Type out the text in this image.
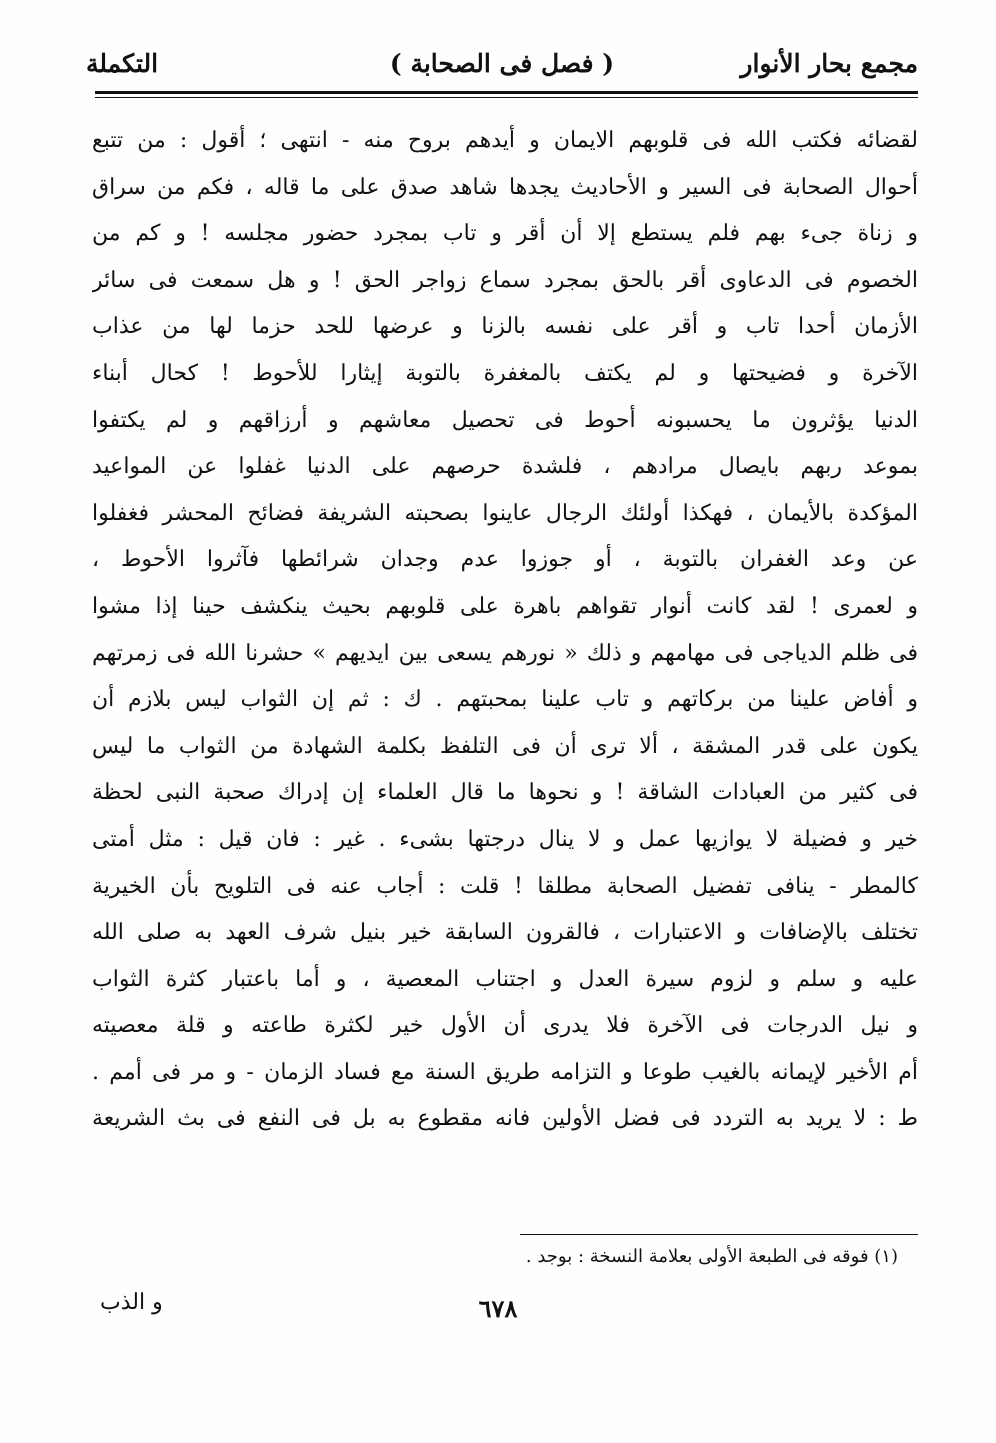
مجمع بحار الأنوار
( فصل فى الصحابة )
التكملة
لقضائه فكتب الله فى قلوبهم الايمان و أيدهم بروح منه - انتهى ؛ أقول : من تتبع
أحوال الصحابة فى السير و الأحاديث يجدها شاهد صدق على ما قاله ، فكم من سراق
و زناة جىء بهم فلم يستطع إلا أن أقر و تاب بمجرد حضور مجلسه ! و كم من
الخصوم فى الدعاوى أقر بالحق بمجرد سماع زواجر الحق ! و هل سمعت فى سائر
الأزمان أحدا تاب و أقر على نفسه بالزنا و عرضها للحد حزما لها من عذاب
الآخرة و فضيحتها و لم يكتف بالمغفرة بالتوبة إيثارا للأحوط ! كحال أبناء
الدنيا يؤثرون ما يحسبونه أحوط فى تحصيل معاشهم و أرزاقهم و لم يكتفوا
بموعد ربهم بايصال مرادهم ، فلشدة حرصهم على الدنيا غفلوا عن المواعيد
المؤكدة بالأيمان ، فهكذا أولئك الرجال عاينوا بصحبته الشريفة فضائح المحشر فغفلوا
عن وعد الغفران بالتوبة ، أو جوزوا عدم وجدان شرائطها فآثروا الأحوط ،
و لعمرى ! لقد كانت أنوار تقواهم باهرة على قلوبهم بحيث ينكشف حينا إذا مشوا
فى ظلم الدياجى فى مهامهم و ذلك « نورهم يسعى بين ايديهم » حشرنا الله فى زمرتهم
و أفاض علينا من بركاتهم و تاب علينا بمحبتهم . ك : ثم إن الثواب ليس بلازم أن
يكون على قدر المشقة ، ألا ترى أن فى التلفظ بكلمة الشهادة من الثواب ما ليس
فى كثير من العبادات الشاقة ! و نحوها ما قال العلماء إن إدراك صحبة النبى لحظة
خير و فضيلة لا يوازيها عمل و لا ينال درجتها بشىء . غير : فان قيل : مثل أمتى
كالمطر - ينافى تفضيل الصحابة مطلقا ! قلت : أجاب عنه فى التلويح بأن الخيرية
تختلف بالإضافات و الاعتبارات ، فالقرون السابقة خير بنيل شرف العهد به صلى الله
عليه و سلم و لزوم سيرة العدل و اجتناب المعصية ، و أما باعتبار كثرة الثواب
و نيل الدرجات فى الآخرة فلا يدرى أن الأول خير لكثرة طاعته و قلة معصيته
أم الأخير لإيمانه بالغيب طوعا و التزامه طريق السنة مع فساد الزمان - و مر فى أمم .
ط : لا يريد به التردد فى فضل الأولين فانه مقطوع به بل فى النفع فى بث الشريعة
(١) فوقه فى الطبعة الأولى بعلامة النسخة : بوجد .
٦٧٨
و الذب
